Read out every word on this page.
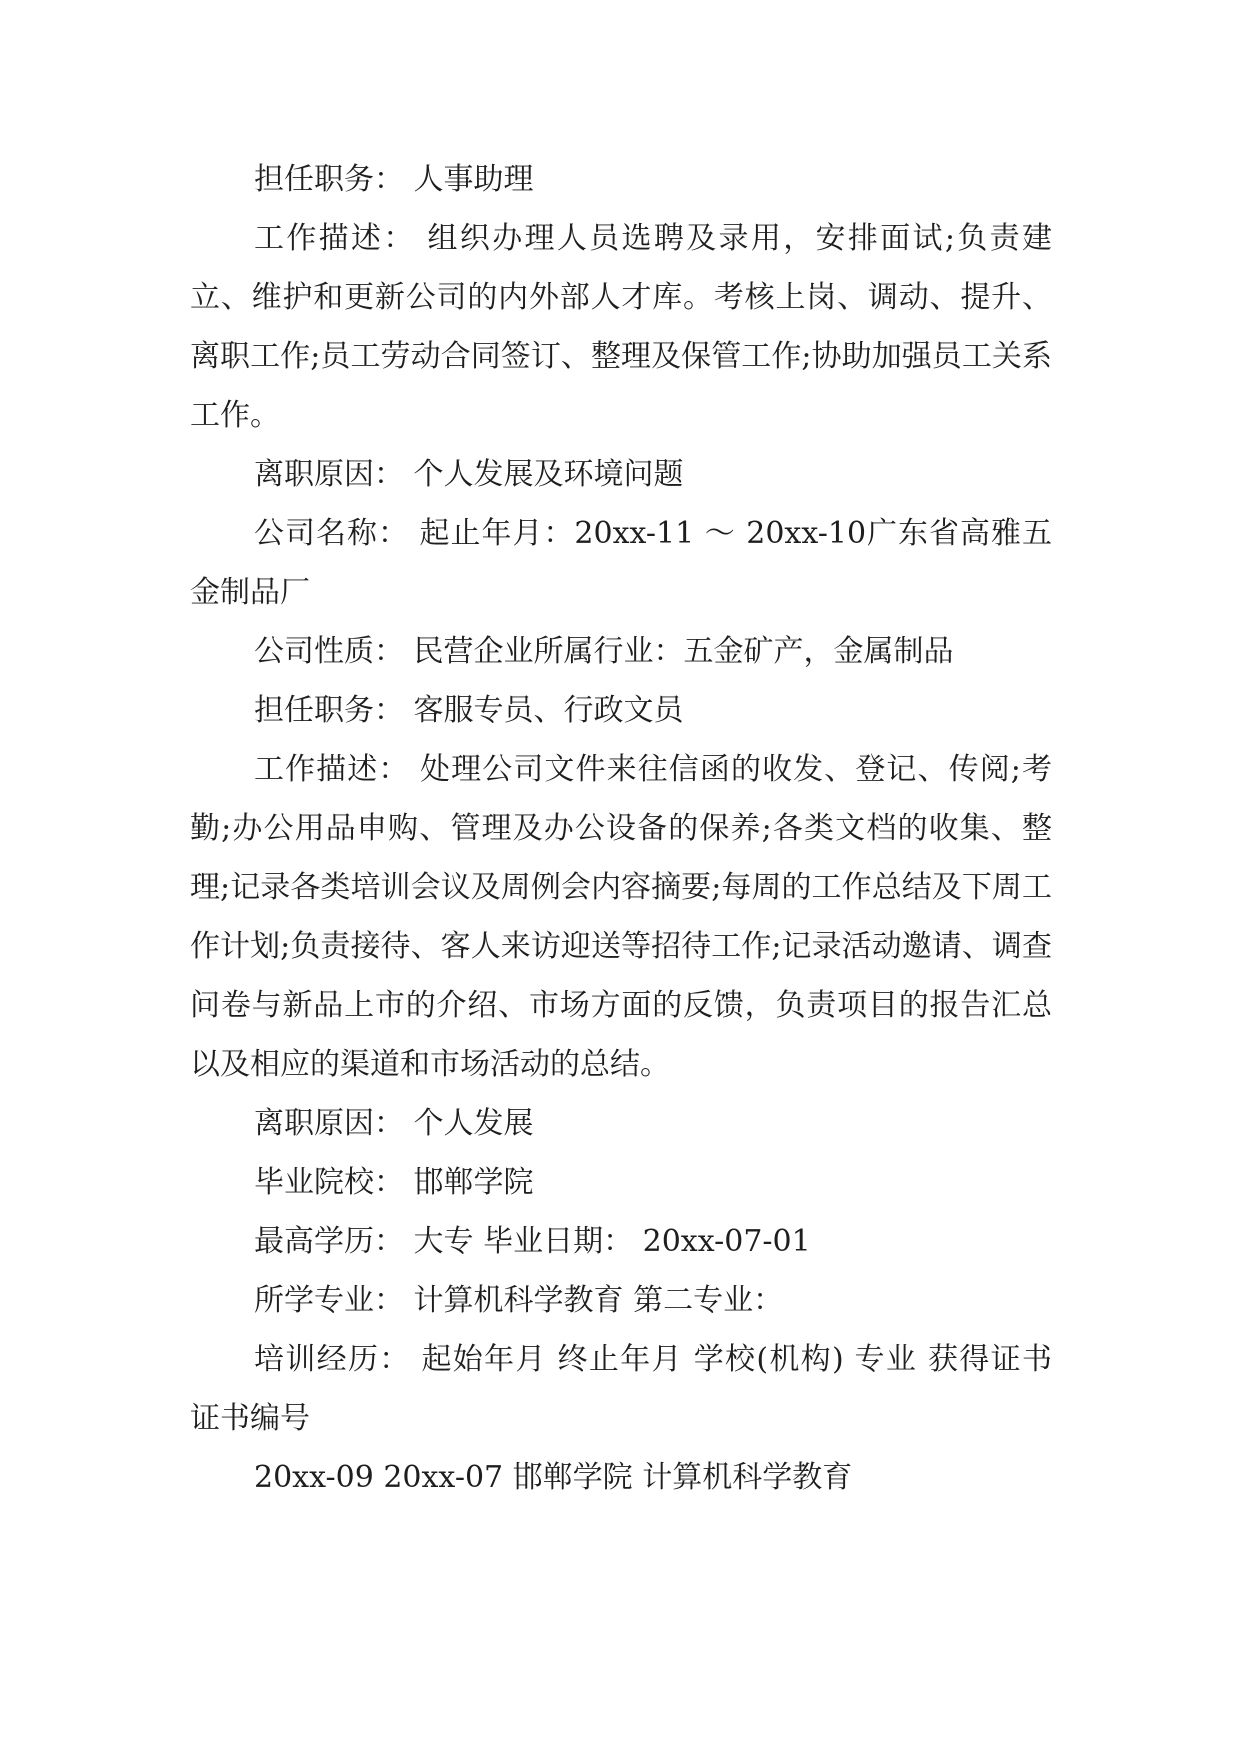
担任职务： 人事助理

工作描述： 组织办理人员选聘及录用，安排面试;负责建立、维护和更新公司的内外部人才库。考核上岗、调动、提升、离职工作;员工劳动合同签订、整理及保管工作;协助加强员工关系工作。

离职原因： 个人发展及环境问题

公司名称： 起止年月：20xx-11 ～ 20xx-10广东省高雅五金制品厂

公司性质： 民营企业所属行业：五金矿产，金属制品

担任职务： 客服专员、行政文员

工作描述： 处理公司文件来往信函的收发、登记、传阅;考勤;办公用品申购、管理及办公设备的保养;各类文档的收集、整理;记录各类培训会议及周例会内容摘要;每周的工作总结及下周工作计划;负责接待、客人来访迎送等招待工作;记录活动邀请、调查问卷与新品上市的介绍、市场方面的反馈，负责项目的报告汇总以及相应的渠道和市场活动的总结。

离职原因： 个人发展

毕业院校： 邯郸学院

最高学历： 大专 毕业日期： 20xx-07-01

所学专业： 计算机科学教育 第二专业：

培训经历： 起始年月 终止年月 学校(机构) 专业 获得证书 证书编号

20xx-09 20xx-07 邯郸学院 计算机科学教育
